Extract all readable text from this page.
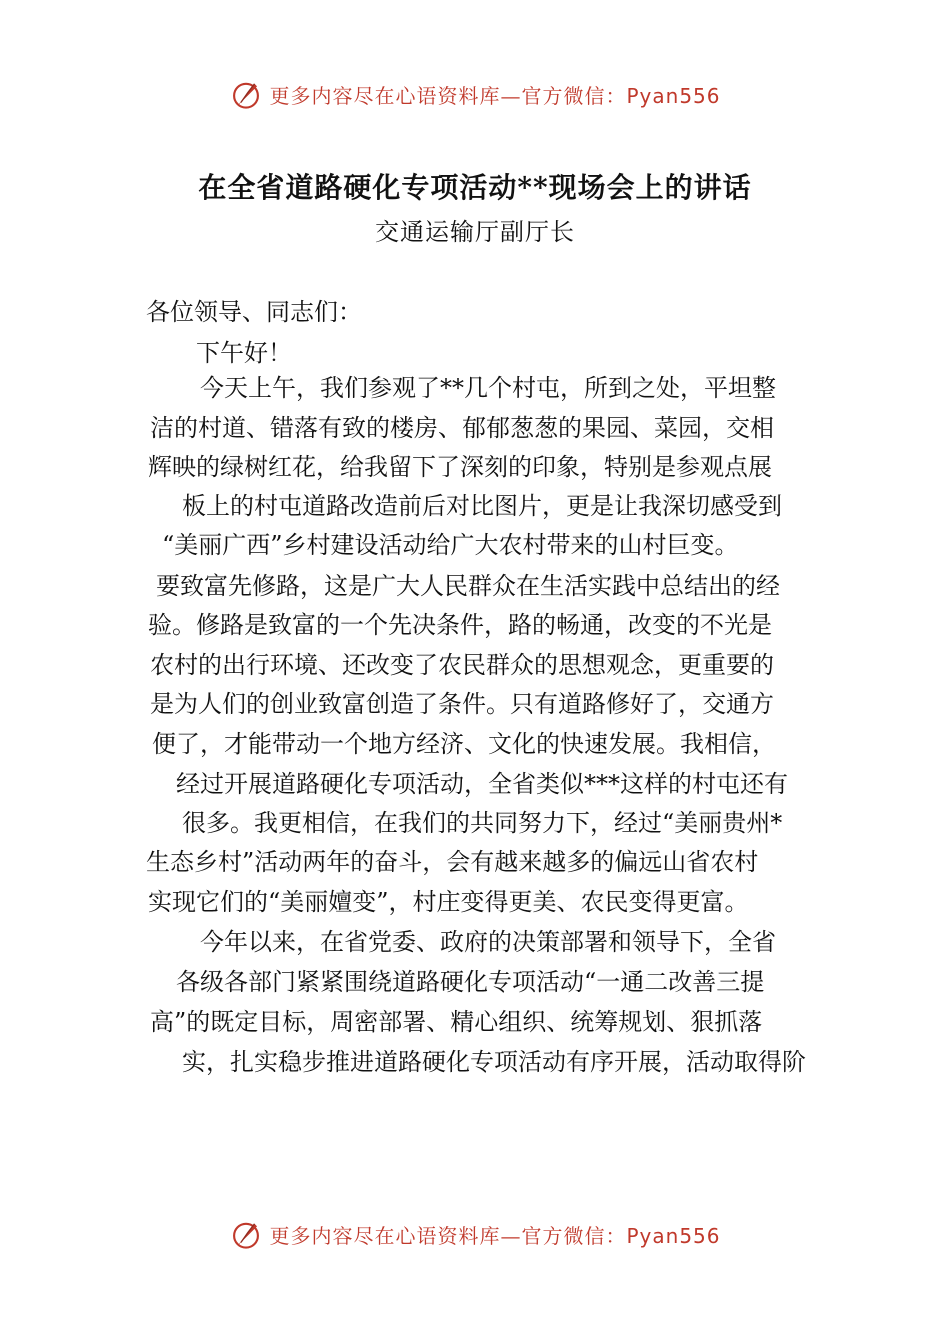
更多内容尽在心语资料库—官方微信：Pyan556
在全省道路硬化专项活动**现场会上的讲话
交通运输厅副厅长
各位领导、同志们：
下午好！
今天上午，我们参观了**几个村屯，所到之处，平坦整
洁的村道、错落有致的楼房、郁郁葱葱的果园、菜园，交相
辉映的绿树红花，给我留下了深刻的印象，特别是参观点展
板上的村屯道路改造前后对比图片，更是让我深切感受到
“美丽广西”乡村建设活动给广大农村带来的山村巨变。
要致富先修路，这是广大人民群众在生活实践中总结出的经
验。修路是致富的一个先决条件，路的畅通，改变的不光是
农村的出行环境、还改变了农民群众的思想观念，更重要的
是为人们的创业致富创造了条件。只有道路修好了，交通方
便了，才能带动一个地方经济、文化的快速发展。我相信，
经过开展道路硬化专项活动，全省类似***这样的村屯还有
很多。我更相信，在我们的共同努力下，经过“美丽贵州*
生态乡村”活动两年的奋斗，会有越来越多的偏远山省农村
实现它们的“美丽嬗变”，村庄变得更美、农民变得更富。
今年以来，在省党委、政府的决策部署和领导下，全省
各级各部门紧紧围绕道路硬化专项活动“一通二改善三提
高”的既定目标，周密部署、精心组织、统筹规划、狠抓落
实，扎实稳步推进道路硬化专项活动有序开展，活动取得阶
更多内容尽在心语资料库—官方微信：Pyan556
